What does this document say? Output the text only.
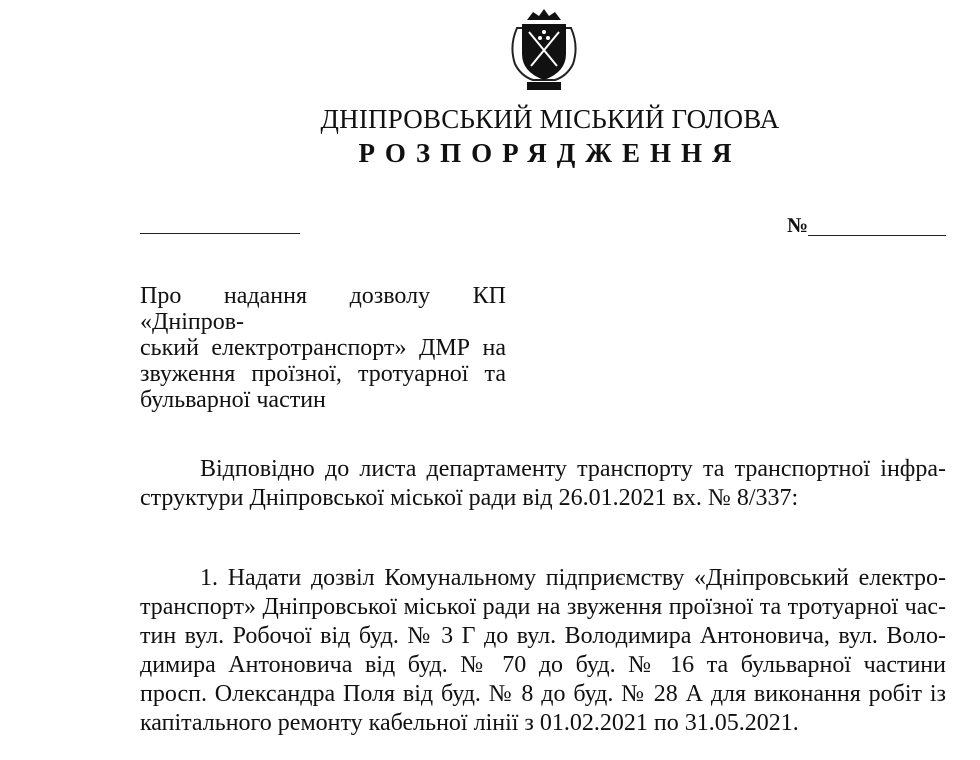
ДНІПРОВСЬКИЙ МІСЬКИЙ ГОЛОВА
РОЗПОРЯДЖЕННЯ
№
Про надання дозволу КП «Дніпров-
ський електротранспорт» ДМР на
звуження проїзної, тротуарної та
бульварної частин
Відповідно до листа департаменту транспорту та транспортної інфра-
структури Дніпровської міської ради від 26.01.2021 вх. № 8/337:
1. Надати дозвіл Комунальному підприємству «Дніпровський електро-
транспорт» Дніпровської міської ради на звуження проїзної та тротуарної час-
тин вул. Робочої від буд. № 3 Г до вул. Володимира Антоновича, вул. Воло-
димира Антоновича від буд. № 70 до буд. № 16 та бульварної частини
просп. Олександра Поля від буд. № 8 до буд. № 28 А для виконання робіт із
капітального ремонту кабельної лінії з 01.02.2021 по 31.05.2021.
